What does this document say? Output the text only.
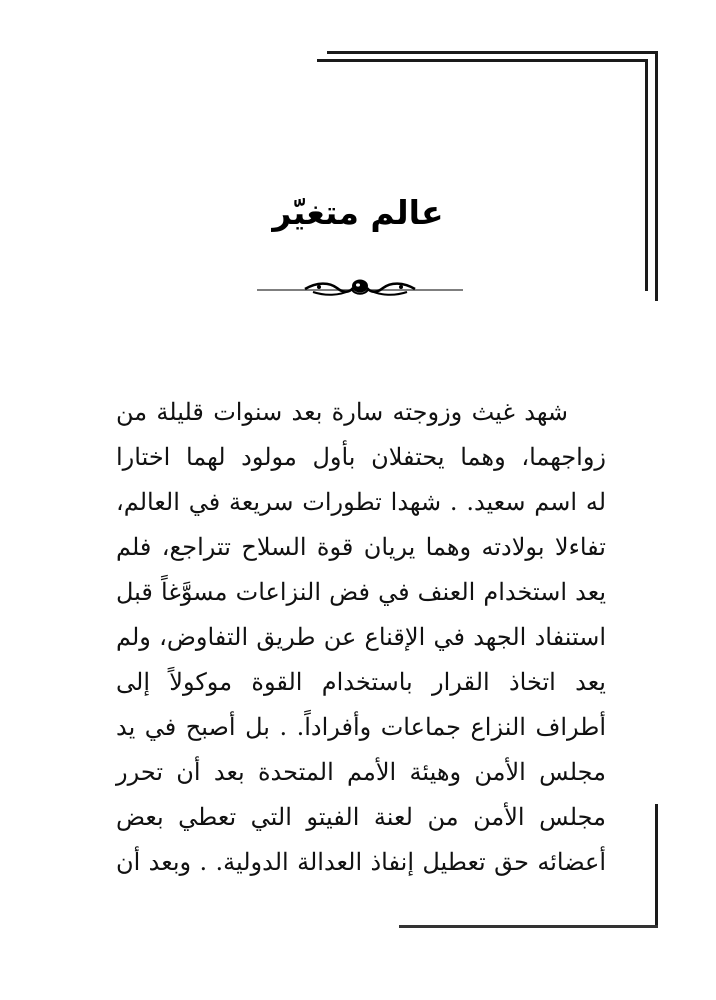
عالم متغيّر
شهد غيث وزوجته سارة بعد سنوات قليلة من
زواجهما، وهما يحتفلان بأول مولود لهما اختارا
له اسم سعيد. . شهدا تطورات سريعة في العالم،
تفاءلا بولادته وهما يريان قوة السلاح تتراجع، فلم
يعد استخدام العنف في فض النزاعات مسوَّغاً قبل
استنفاد الجهد في الإقناع عن طريق التفاوض، ولم
يعد اتخاذ القرار باستخدام القوة موكولاً إلى
أطراف النزاع جماعات وأفراداً. . بل أصبح في يد
مجلس الأمن وهيئة الأمم المتحدة بعد أن تحرر
مجلس الأمن من لعنة الفيتو التي تعطي بعض
أعضائه حق تعطيل إنفاذ العدالة الدولية. . وبعد أن
